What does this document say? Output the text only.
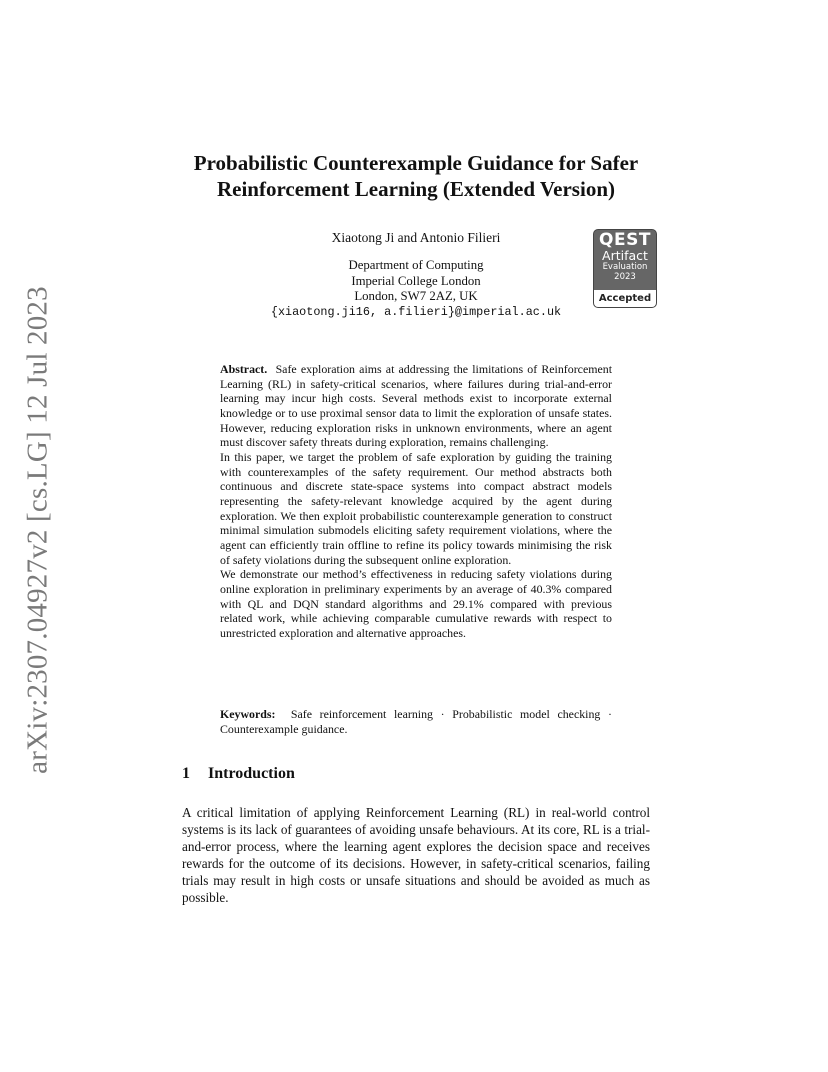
arXiv:2307.04927v2 [cs.LG] 12 Jul 2023
Probabilistic Counterexample Guidance for Safer
Reinforcement Learning (Extended Version)
Xiaotong Ji and Antonio Filieri
Department of Computing
Imperial College London
London, SW7 2AZ, UK
{xiaotong.ji16, a.filieri}@imperial.ac.uk
QEST
Artifact
Evaluation
2023
Accepted

Abstract. Safe exploration aims at addressing the limitations of Reinforcement Learning (RL) in safety-critical scenarios, where failures during trial-and-error learning may incur high costs. Several methods exist to incorporate external knowledge or to use proximal sensor data to limit the exploration of unsafe states. However, reducing exploration risks in unknown environments, where an agent must discover safety threats during exploration, remains challenging.

In this paper, we target the problem of safe exploration by guiding the training with counterexamples of the safety requirement. Our method abstracts both continuous and discrete state-space systems into compact abstract models representing the safety-relevant knowledge acquired by the agent during exploration. We then exploit probabilistic counterexample generation to construct minimal simulation submodels eliciting safety requirement violations, where the agent can efficiently train offline to refine its policy towards minimising the risk of safety violations during the subsequent online exploration.

We demonstrate our method’s effectiveness in reducing safety violations during online exploration in preliminary experiments by an average of 40.3% compared with QL and DQN standard algorithms and 29.1% compared with previous related work, while achieving comparable cumulative rewards with respect to unrestricted exploration and alternative approaches.

Keywords: Safe reinforcement learning · Probabilistic model checking · Counterexample guidance.
1 Introduction

A critical limitation of applying Reinforcement Learning (RL) in real-world control systems is its lack of guarantees of avoiding unsafe behaviours. At its core, RL is a trial-and-error process, where the learning agent explores the decision space and receives rewards for the outcome of its decisions. However, in safety-critical scenarios, failing trials may result in high costs or unsafe situations and should be avoided as much as possible.
